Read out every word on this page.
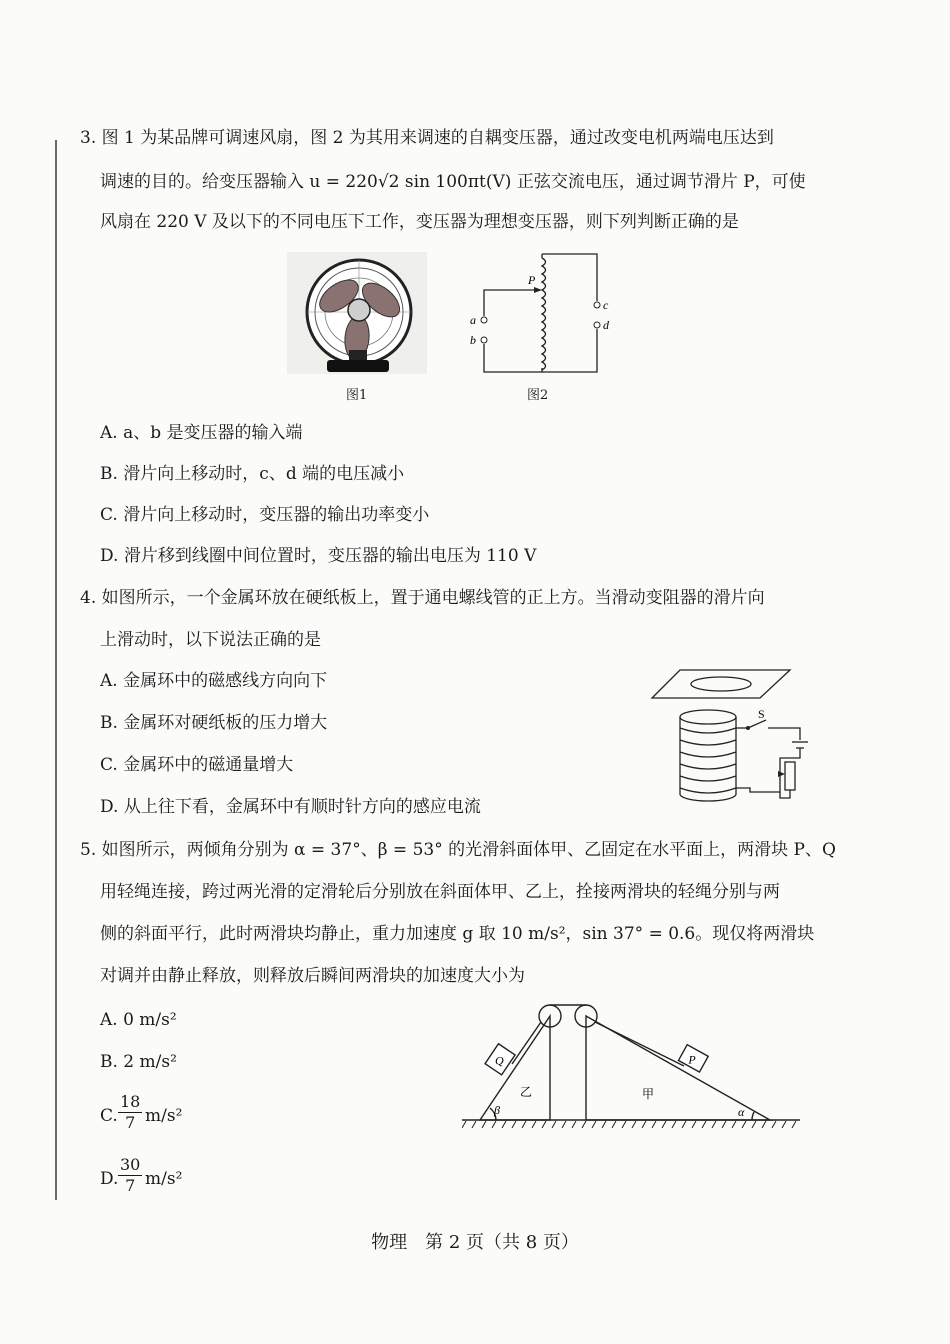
3. 图 1 为某品牌可调速风扇，图 2 为其用来调速的自耦变压器，通过改变电机两端电压达到
调速的目的。给变压器输入 u = 220√2 sin 100πt(V) 正弦交流电压，通过调节滑片 P，可使
风扇在 220 V 及以下的不同电压下工作，变压器为理想变压器，则下列判断正确的是
图1
P
a
b
c
d
图2
A. a、b 是变压器的输入端
B. 滑片向上移动时，c、d 端的电压减小
C. 滑片向上移动时，变压器的输出功率变小
D. 滑片移到线圈中间位置时，变压器的输出电压为 110 V
4. 如图所示，一个金属环放在硬纸板上，置于通电螺线管的正上方。当滑动变阻器的滑片向
上滑动时，以下说法正确的是
A. 金属环中的磁感线方向向下
B. 金属环对硬纸板的压力增大
C. 金属环中的磁通量增大
D. 从上往下看，金属环中有顺时针方向的感应电流
S
5. 如图所示，两倾角分别为 α = 37°、β = 53° 的光滑斜面体甲、乙固定在水平面上，两滑块 P、Q
用轻绳连接，跨过两光滑的定滑轮后分别放在斜面体甲、乙上，拴接两滑块的轻绳分别与两
侧的斜面平行，此时两滑块均静止，重力加速度 g 取 10 m/s²，sin 37° = 0.6。现仅将两滑块
对调并由静止释放，则释放后瞬间两滑块的加速度大小为
A. 0 m/s²
B. 2 m/s²
C. $\frac{18}{7} m/s^2$
D. $\frac{30}{7} m/s^2$
Q	P
乙	甲
β	α
物理　第 2 页（共 8 页）
